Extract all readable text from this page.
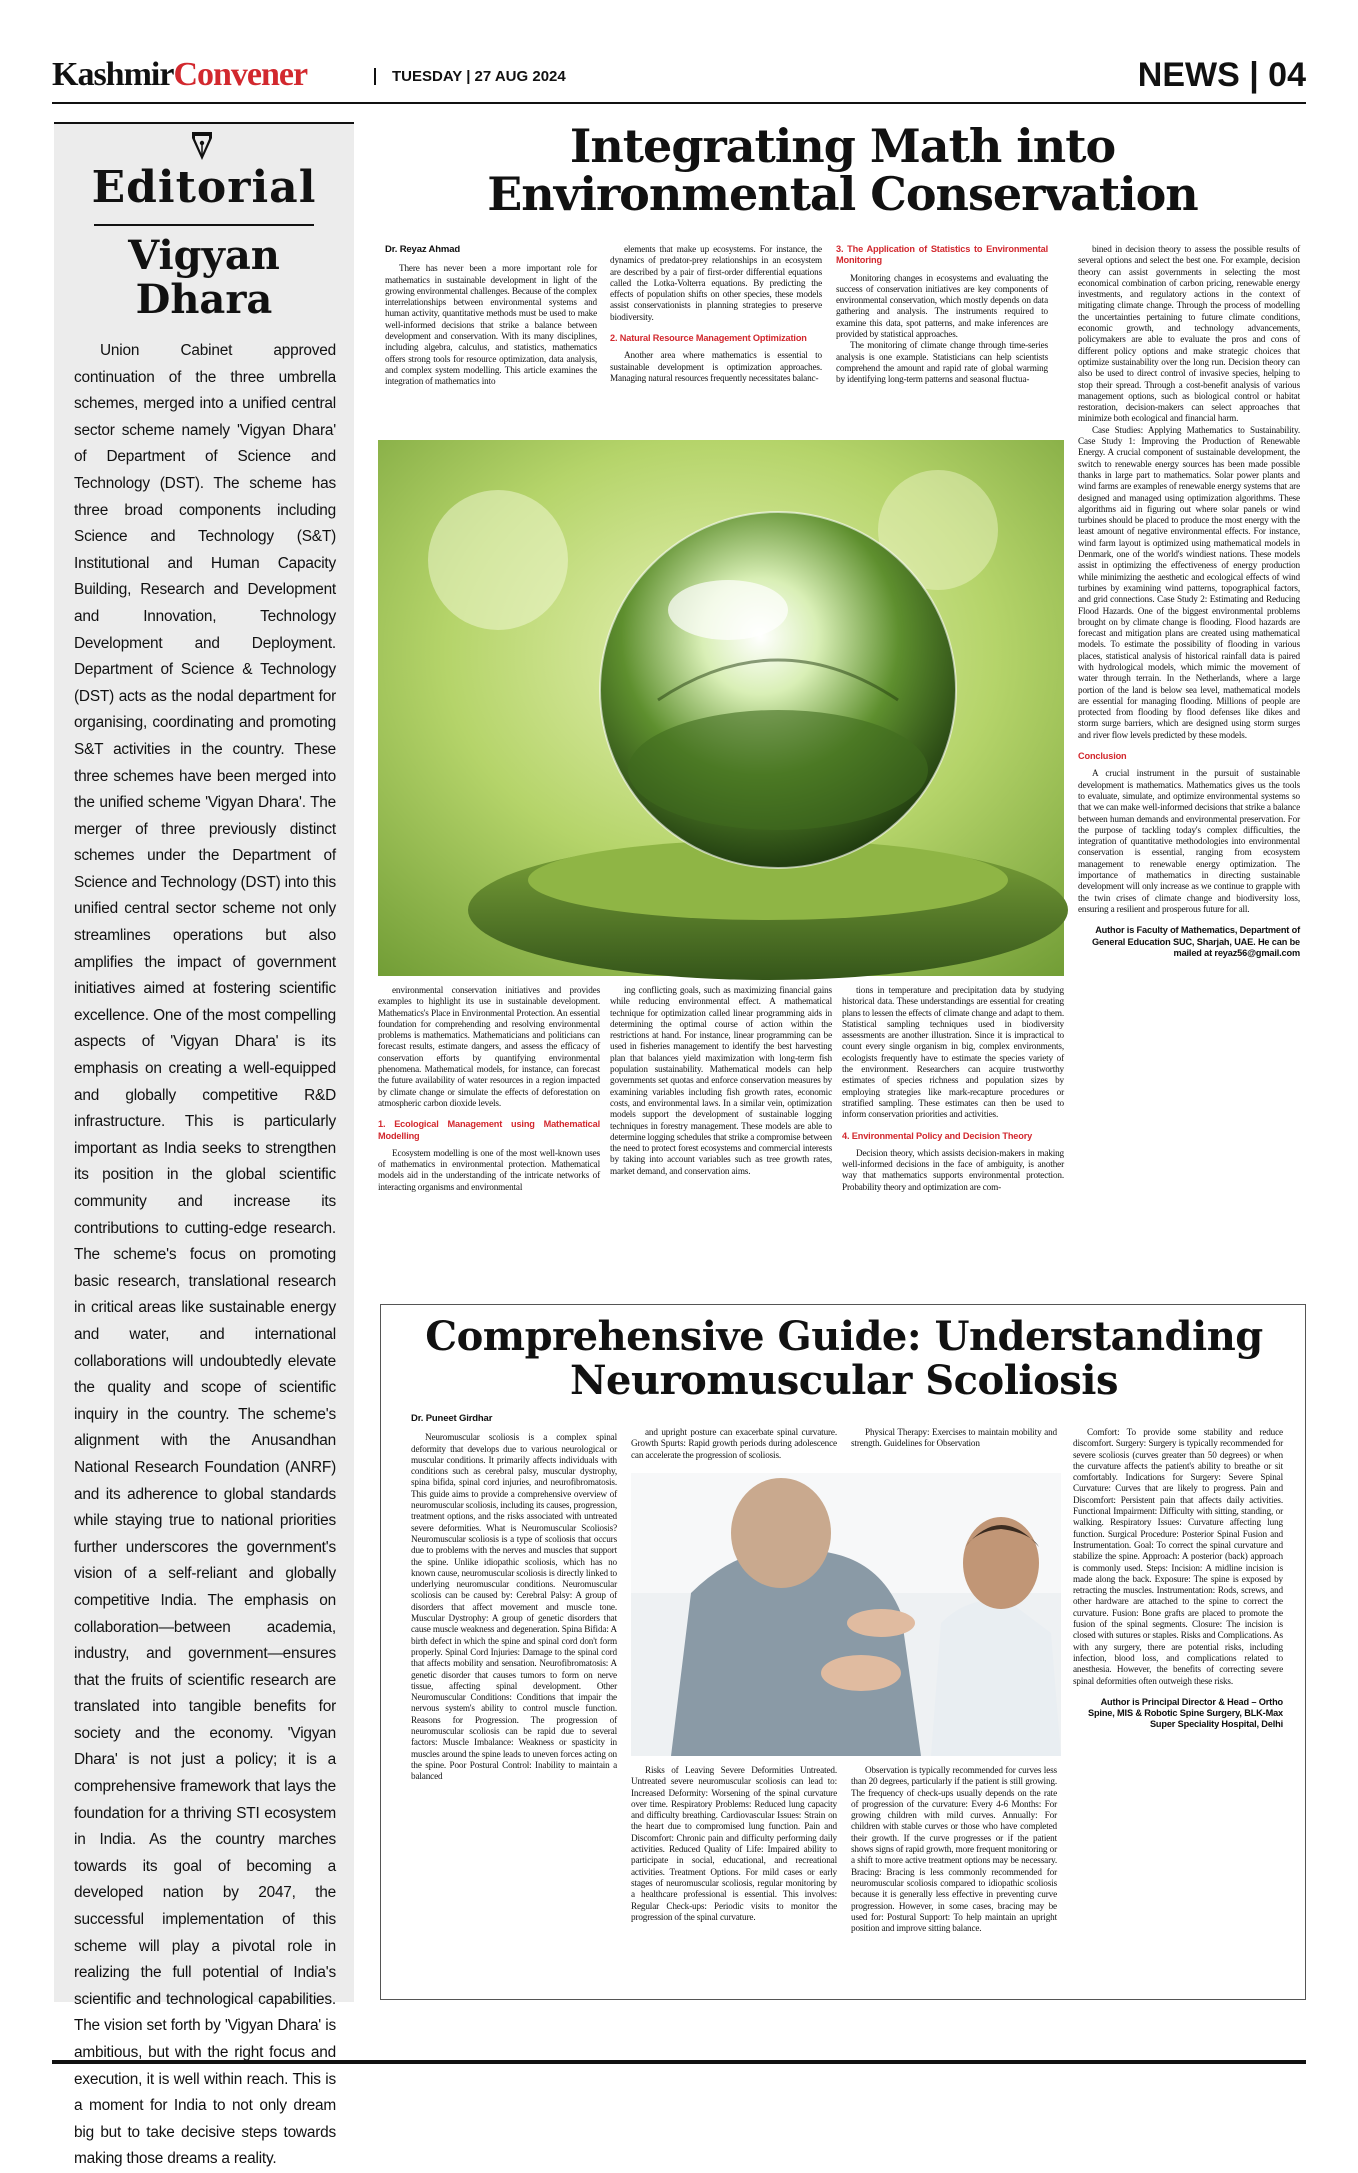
KashmirConvener	TUESDAY | 27 AUG 2024	NEWS | 04
Editorial
Vigyan
Dhara
Union Cabinet approved continuation of the three umbrella schemes, merged into a unified central sector scheme namely 'Vigyan Dhara' of Department of Science and Technology (DST). The scheme has three broad components including Science and Technology (S&T) Institutional and Human Capacity Building, Research and Development and Innovation, Technology Development and Deployment. Department of Science & Technology (DST) acts as the nodal department for organising, coordinating and promoting S&T activities in the country. These three schemes have been merged into the unified scheme 'Vigyan Dhara'. The merger of three previously distinct schemes under the Department of Science and Technology (DST) into this unified central sector scheme not only streamlines operations but also amplifies the impact of government initiatives aimed at fostering scientific excellence. One of the most compelling aspects of 'Vigyan Dhara' is its emphasis on creating a well-equipped and globally competitive R&D infrastructure. This is particularly important as India seeks to strengthen its position in the global scientific community and increase its contributions to cutting-edge research. The scheme's focus on promoting basic research, translational research in critical areas like sustainable energy and water, and international collaborations will undoubtedly elevate the quality and scope of scientific inquiry in the country. The scheme's alignment with the Anusandhan National Research Foundation (ANRF) and its adherence to global standards while staying true to national priorities further underscores the government's vision of a self-reliant and globally competitive India. The emphasis on collaboration—between academia, industry, and government—ensures that the fruits of scientific research are translated into tangible benefits for society and the economy. 'Vigyan Dhara' is not just a policy; it is a comprehensive framework that lays the foundation for a thriving STI ecosystem in India. As the country marches towards its goal of becoming a developed nation by 2047, the successful implementation of this scheme will play a pivotal role in realizing the full potential of India's scientific and technological capabilities. The vision set forth by 'Vigyan Dhara' is ambitious, but with the right focus and execution, it is well within reach. This is a moment for India to not only dream big but to take decisive steps towards making those dreams a reality.
Integrating Math into
Environmental Conservation

Dr. Reyaz Ahmad

There has never been a more important role for mathematics in sustainable development in light of the growing environmental challenges. Because of the complex interrelationships between environmental systems and human activity, quantitative methods must be used to make well-informed decisions that strike a balance between development and conservation. With its many disciplines, including algebra, calculus, and statistics, mathematics offers strong tools for resource optimization, data analysis, and complex system modelling. This article examines the integration of mathematics into

elements that make up ecosystems. For instance, the dynamics of predator-prey relationships in an ecosystem are described by a pair of first-order differential equations called the Lotka-Volterra equations. By predicting the effects of population shifts on other species, these models assist conservationists in planning strategies to preserve biodiversity.

2. Natural Resource Management Optimization

Another area where mathematics is essential to sustainable development is optimization approaches. Managing natural resources frequently necessitates balanc-

3. The Application of Statistics to Environmental Monitoring

Monitoring changes in ecosystems and evaluating the success of conservation initiatives are key components of environmental conservation, which mostly depends on data gathering and analysis. The instruments required to examine this data, spot patterns, and make inferences are provided by statistical approaches.

The monitoring of climate change through time-series analysis is one example. Statisticians can help scientists comprehend the amount and rapid rate of global warming by identifying long-term patterns and seasonal fluctua-

environmental conservation initiatives and provides examples to highlight its use in sustainable development. Mathematics's Place in Environmental Protection. An essential foundation for comprehending and resolving environmental problems is mathematics. Mathematicians and politicians can forecast results, estimate dangers, and assess the efficacy of conservation efforts by quantifying environmental phenomena. Mathematical models, for instance, can forecast the future availability of water resources in a region impacted by climate change or simulate the effects of deforestation on atmospheric carbon dioxide levels.

1. Ecological Management using Mathematical Modelling

Ecosystem modelling is one of the most well-known uses of mathematics in environmental protection. Mathematical models aid in the understanding of the intricate networks of interacting organisms and environmental

ing conflicting goals, such as maximizing financial gains while reducing environmental effect. A mathematical technique for optimization called linear programming aids in determining the optimal course of action within the restrictions at hand. For instance, linear programming can be used in fisheries management to identify the best harvesting plan that balances yield maximization with long-term fish population sustainability. Mathematical models can help governments set quotas and enforce conservation measures by examining variables including fish growth rates, economic costs, and environmental laws. In a similar vein, optimization models support the development of sustainable logging techniques in forestry management. These models are able to determine logging schedules that strike a compromise between the need to protect forest ecosystems and commercial interests by taking into account variables such as tree growth rates, market demand, and conservation aims.

tions in temperature and precipitation data by studying historical data. These understandings are essential for creating plans to lessen the effects of climate change and adapt to them. Statistical sampling techniques used in biodiversity assessments are another illustration. Since it is impractical to count every single organism in big, complex environments, ecologists frequently have to estimate the species variety of the environment. Researchers can acquire trustworthy estimates of species richness and population sizes by employing strategies like mark-recapture procedures or stratified sampling. These estimates can then be used to inform conservation priorities and activities.

4. Environmental Policy and Decision Theory

Decision theory, which assists decision-makers in making well-informed decisions in the face of ambiguity, is another way that mathematics supports environmental protection. Probability theory and optimization are com-

bined in decision theory to assess the possible results of several options and select the best one. For example, decision theory can assist governments in selecting the most economical combination of carbon pricing, renewable energy investments, and regulatory actions in the context of mitigating climate change. Through the process of modelling the uncertainties pertaining to future climate conditions, economic growth, and technology advancements, policymakers are able to evaluate the pros and cons of different policy options and make strategic choices that optimize sustainability over the long run. Decision theory can also be used to direct control of invasive species, helping to stop their spread. Through a cost-benefit analysis of various management options, such as biological control or habitat restoration, decision-makers can select approaches that minimize both ecological and financial harm.

Case Studies: Applying Mathematics to Sustainability. Case Study 1: Improving the Production of Renewable Energy. A crucial component of sustainable development, the switch to renewable energy sources has been made possible thanks in large part to mathematics. Solar power plants and wind farms are examples of renewable energy systems that are designed and managed using optimization algorithms. These algorithms aid in figuring out where solar panels or wind turbines should be placed to produce the most energy with the least amount of negative environmental effects. For instance, wind farm layout is optimized using mathematical models in Denmark, one of the world's windiest nations. These models assist in optimizing the effectiveness of energy production while minimizing the aesthetic and ecological effects of wind turbines by examining wind patterns, topographical factors, and grid connections. Case Study 2: Estimating and Reducing Flood Hazards. One of the biggest environmental problems brought on by climate change is flooding. Flood hazards are forecast and mitigation plans are created using mathematical models. To estimate the possibility of flooding in various places, statistical analysis of historical rainfall data is paired with hydrological models, which mimic the movement of water through terrain. In the Netherlands, where a large portion of the land is below sea level, mathematical models are essential for managing flooding. Millions of people are protected from flooding by flood defenses like dikes and storm surge barriers, which are designed using storm surges and river flow levels predicted by these models.

Conclusion

A crucial instrument in the pursuit of sustainable development is mathematics. Mathematics gives us the tools to evaluate, simulate, and optimize environmental systems so that we can make well-informed decisions that strike a balance between human demands and environmental preservation. For the purpose of tackling today's complex difficulties, the integration of quantitative methodologies into environmental conservation is essential, ranging from ecosystem management to renewable energy optimization. The importance of mathematics in directing sustainable development will only increase as we continue to grapple with the twin crises of climate change and biodiversity loss, ensuring a resilient and prosperous future for all.

Author is Faculty of Mathematics, Department of General Education SUC, Sharjah, UAE. He can be mailed at reyaz56@gmail.com

Comprehensive Guide: Understanding
Neuromuscular Scoliosis

Dr. Puneet Girdhar

Neuromuscular scoliosis is a complex spinal deformity that develops due to various neurological or muscular conditions. It primarily affects individuals with conditions such as cerebral palsy, muscular dystrophy, spina bifida, spinal cord injuries, and neurofibromatosis. This guide aims to provide a comprehensive overview of neuromuscular scoliosis, including its causes, progression, treatment options, and the risks associated with untreated severe deformities. What is Neuromuscular Scoliosis? Neuromuscular scoliosis is a type of scoliosis that occurs due to problems with the nerves and muscles that support the spine. Unlike idiopathic scoliosis, which has no known cause, neuromuscular scoliosis is directly linked to underlying neuromuscular conditions. Neuromuscular scoliosis can be caused by: Cerebral Palsy: A group of disorders that affect movement and muscle tone. Muscular Dystrophy: A group of genetic disorders that cause muscle weakness and degeneration. Spina Bifida: A birth defect in which the spine and spinal cord don't form properly. Spinal Cord Injuries: Damage to the spinal cord that affects mobility and sensation. Neurofibromatosis: A genetic disorder that causes tumors to form on nerve tissue, affecting spinal development. Other Neuromuscular Conditions: Conditions that impair the nervous system's ability to control muscle function. Reasons for Progression. The progression of neuromuscular scoliosis can be rapid due to several factors: Muscle Imbalance: Weakness or spasticity in muscles around the spine leads to uneven forces acting on the spine. Poor Postural Control: Inability to maintain a balanced

and upright posture can exacerbate spinal curvature. Growth Spurts: Rapid growth periods during adolescence can accelerate the progression of scoliosis.

Physical Therapy: Exercises to maintain mobility and strength. Guidelines for Observation

Risks of Leaving Severe Deformities Untreated. Untreated severe neuromuscular scoliosis can lead to: Increased Deformity: Worsening of the spinal curvature over time. Respiratory Problems: Reduced lung capacity and difficulty breathing. Cardiovascular Issues: Strain on the heart due to compromised lung function. Pain and Discomfort: Chronic pain and difficulty performing daily activities. Reduced Quality of Life: Impaired ability to participate in social, educational, and recreational activities. Treatment Options. For mild cases or early stages of neuromuscular scoliosis, regular monitoring by a healthcare professional is essential. This involves: Regular Check-ups: Periodic visits to monitor the progression of the spinal curvature.

Observation is typically recommended for curves less than 20 degrees, particularly if the patient is still growing. The frequency of check-ups usually depends on the rate of progression of the curvature: Every 4-6 Months: For growing children with mild curves. Annually: For children with stable curves or those who have completed their growth. If the curve progresses or if the patient shows signs of rapid growth, more frequent monitoring or a shift to more active treatment options may be necessary. Bracing: Bracing is less commonly recommended for neuromuscular scoliosis compared to idiopathic scoliosis because it is generally less effective in preventing curve progression. However, in some cases, bracing may be used for: Postural Support: To help maintain an upright position and improve sitting balance.

Comfort: To provide some stability and reduce discomfort. Surgery: Surgery is typically recommended for severe scoliosis (curves greater than 50 degrees) or when the curvature affects the patient's ability to breathe or sit comfortably. Indications for Surgery: Severe Spinal Curvature: Curves that are likely to progress. Pain and Discomfort: Persistent pain that affects daily activities. Functional Impairment: Difficulty with sitting, standing, or walking. Respiratory Issues: Curvature affecting lung function. Surgical Procedure: Posterior Spinal Fusion and Instrumentation. Goal: To correct the spinal curvature and stabilize the spine. Approach: A posterior (back) approach is commonly used. Steps: Incision: A midline incision is made along the back. Exposure: The spine is exposed by retracting the muscles. Instrumentation: Rods, screws, and other hardware are attached to the spine to correct the curvature. Fusion: Bone grafts are placed to promote the fusion of the spinal segments. Closure: The incision is closed with sutures or staples. Risks and Complications. As with any surgery, there are potential risks, including infection, blood loss, and complications related to anesthesia. However, the benefits of correcting severe spinal deformities often outweigh these risks.

Author is Principal Director & Head – Ortho Spine, MIS & Robotic Spine Surgery, BLK-Max Super Speciality Hospital, Delhi
